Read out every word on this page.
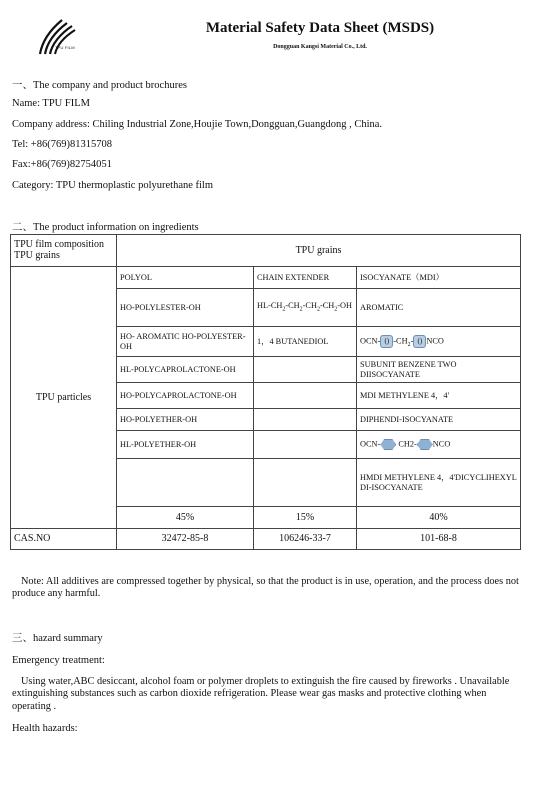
TPU FILM
Material Safety Data Sheet (MSDS)
Dongguan Kangsi Material Co., Ltd.
一、The company and product brochures
Name: TPU FILM
Company address: Chiling Industrial Zone,Houjie Town,Dongguan,Guangdong , China.
Tel: +86(769)81315708
Fax:+86(769)82754051
Category: TPU thermoplastic polyurethane film
二、The product information on ingredients
TPU film composition
TPU grains	TPU grains		
TPU particles	POLYOL	CHAIN EXTENDER	ISOCYANATE（MDI）
	HO-POLYLESTER-OH	$HL-CH_2-CH_2-CH_2-CH_2-OH$	AROMATIC
	HO- AROMATIC HO-POLYESTER-OH	1，4 BUTANEDIOL	OCN- () $-CH_2-$ () NCO
	HL-POLYCAPROLACTONE-OH		SUBUNIT BENZENE TWO DIISOCYANATE
	HO-POLYCAPROLACTONE-OH		MDI METHYLENE 4，4'
	HO-POLYETHER-OH		DIPHENDI-ISOCYANATE
	HL-POLYETHER-OH		OCN- CH2- NCO
			HMDI METHYLENE 4，4'DICYCLIHEXYL DI-ISOCYANATE
	45%	15%	40%
CAS.NO	32472-85-8	106246-33-7	101-68-8
Note: All additives are compressed together by physical, so that the product is in use, operation, and the process does not produce any harmful.
三、hazard summary
Emergency treatment:
Using water,ABC desiccant, alcohol foam or polymer droplets to extinguish the fire caused by fireworks . Unavailable extinguishing substances such as carbon dioxide refrigeration. Please wear gas masks and protective clothing when operating .
Health hazards:
